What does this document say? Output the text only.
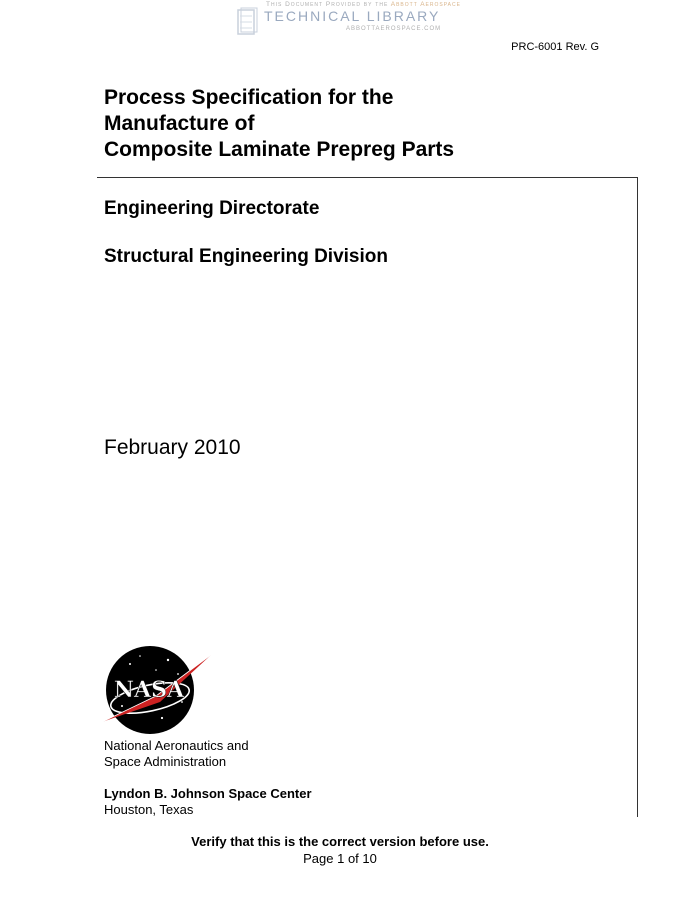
This Document Provided by the Abbott Aerospace
TECHNICAL LIBRARY
ABBOTTAEROSPACE.COM
PRC-6001 Rev. G
Process Specification for the
Manufacture of
Composite Laminate Prepreg Parts
Engineering Directorate
Structural Engineering Division
February 2010
NASA
National Aeronautics and
Space Administration
Lyndon B. Johnson Space Center
Houston, Texas
Verify that this is the correct version before use.
Page 1 of 10
